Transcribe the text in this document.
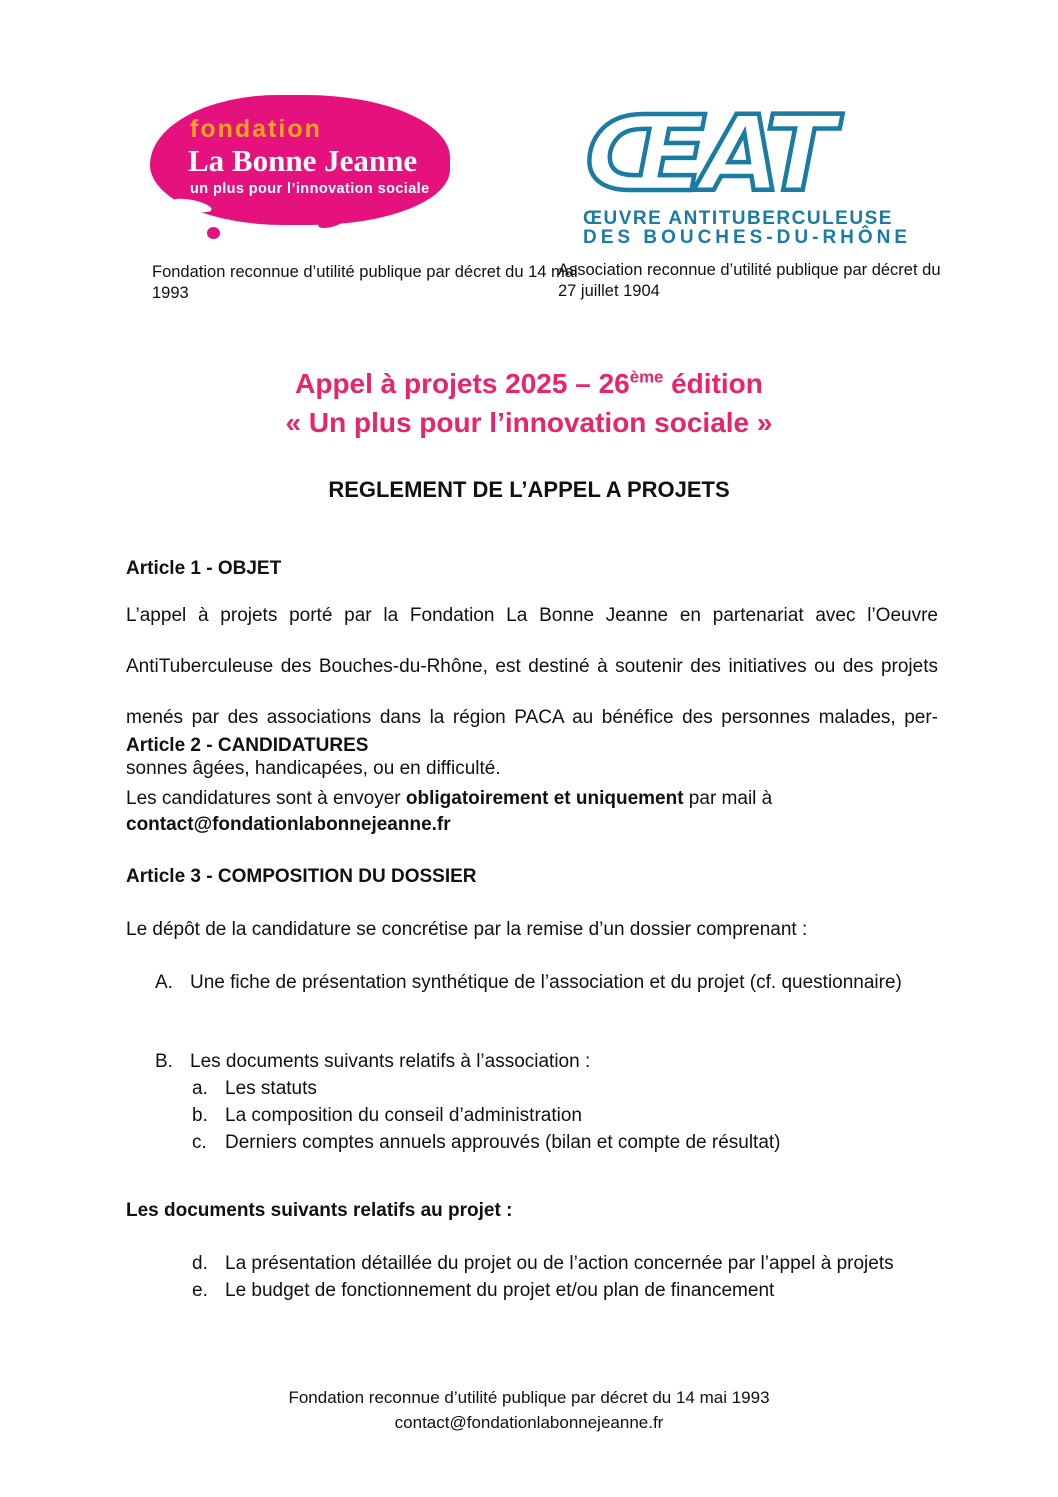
fondation
La Bonne Jeanne
un plus pour l’innovation sociale ŒAT
ŒUVRE ANTITUBERCULEUSE
DES BOUCHES-DU-RHÔNE
Fondation reconnue d’utilité publique par décret du 14 mai 1993
Association reconnue d’utilité publique par décret du 27 juillet 1904
Appel à projets 2025 – 26ème édition
« Un plus pour l’innovation sociale »
REGLEMENT DE L’APPEL A PROJETS
Article 1 - OBJET
L’appel à projets porté par la Fondation La Bonne Jeanne en partenariat avec l’Oeuvre
AntiTuberculeuse des Bouches-du-Rhône, est destiné à soutenir des initiatives ou des projets
menés par des associations dans la région PACA au bénéfice des personnes malades, per-
sonnes âgées, handicapées, ou en difficulté.
Article 2 - CANDIDATURES
Les candidatures sont à envoyer obligatoirement et uniquement par mail à
contact@fondationlabonnejeanne.fr
Article 3 - COMPOSITION DU DOSSIER
Le dépôt de la candidature se concrétise par la remise d’un dossier comprenant :
A. Une fiche de présentation synthétique de l’association et du projet (cf. questionnaire)
B. Les documents suivants relatifs à l’association :
a. Les statuts
b. La composition du conseil d’administration
c. Derniers comptes annuels approuvés (bilan et compte de résultat)
Les documents suivants relatifs au projet :
d. La présentation détaillée du projet ou de l’action concernée par l’appel à projets
e. Le budget de fonctionnement du projet et/ou plan de financement
Fondation reconnue d’utilité publique par décret du 14 mai 1993
contact@fondationlabonnejeanne.fr
